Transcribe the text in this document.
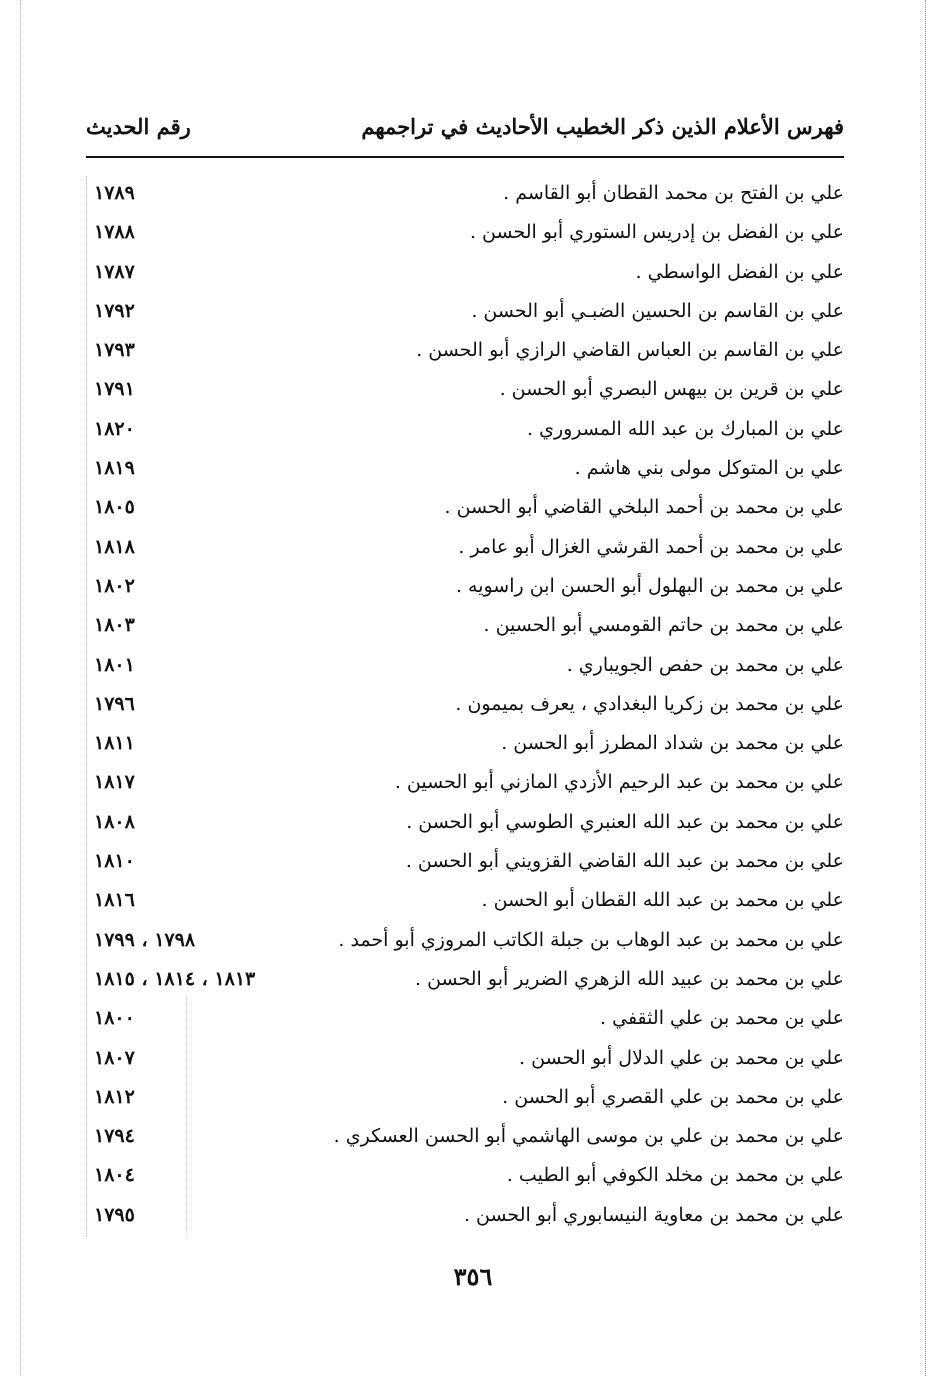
فهرس الأعلام الذين ذكر الخطيب الأحاديث في تراجمهم
رقم الحديث
علي بن الفتح بن محمد القطان أبو القاسم .
١٧٨٩
علي بن الفضل بن إدريس الستوري أبو الحسن .
١٧٨٨
علي بن الفضل الواسطي .
١٧٨٧
علي بن القاسم بن الحسين الضبـي أبو الحسن .
١٧٩٢
علي بن القاسم بن العباس القاضي الرازي أبو الحسن .
١٧٩٣
علي بن قرين بن بيهس البصري أبو الحسن .
١٧٩١
علي بن المبارك بن عبد الله المسروري .
١٨٢٠
علي بن المتوكل مولى بني هاشم .
١٨١٩
علي بن محمد بن أحمد البلخي القاضي أبو الحسن .
١٨٠٥
علي بن محمد بن أحمد القرشي الغزال أبو عامر .
١٨١٨
علي بن محمد بن البهلول أبو الحسن ابن راسويه .
١٨٠٢
علي بن محمد بن حاتم القومسي أبو الحسين .
١٨٠٣
علي بن محمد بن حفص الجويباري .
١٨٠١
علي بن محمد بن زكريا البغدادي ، يعرف بميمون .
١٧٩٦
علي بن محمد بن شداد المطرز أبو الحسن .
١٨١١
علي بن محمد بن عبد الرحيم الأزدي المازني أبو الحسين .
١٨١٧
علي بن محمد بن عبد الله العنبري الطوسي أبو الحسن .
١٨٠٨
علي بن محمد بن عبد الله القاضي القزويني أبو الحسن .
١٨١٠
علي بن محمد بن عبد الله القطان أبو الحسن .
١٨١٦
علي بن محمد بن عبد الوهاب بن جبلة الكاتب المروزي أبو أحمد .
١٧٩٨ ، ١٧٩٩
علي بن محمد بن عبيد الله الزهري الضرير أبو الحسن .
١٨١٣ ، ١٨١٤ ، ١٨١٥
علي بن محمد بن علي الثقفي .
١٨٠٠
علي بن محمد بن علي الدلال أبو الحسن .
١٨٠٧
علي بن محمد بن علي القصري أبو الحسن .
١٨١٢
علي بن محمد بن علي بن موسى الهاشمي أبو الحسن العسكري .
١٧٩٤
علي بن محمد بن مخلد الكوفي أبو الطيب .
١٨٠٤
علي بن محمد بن معاوية النيسابوري أبو الحسن .
١٧٩٥
٣٥٦
